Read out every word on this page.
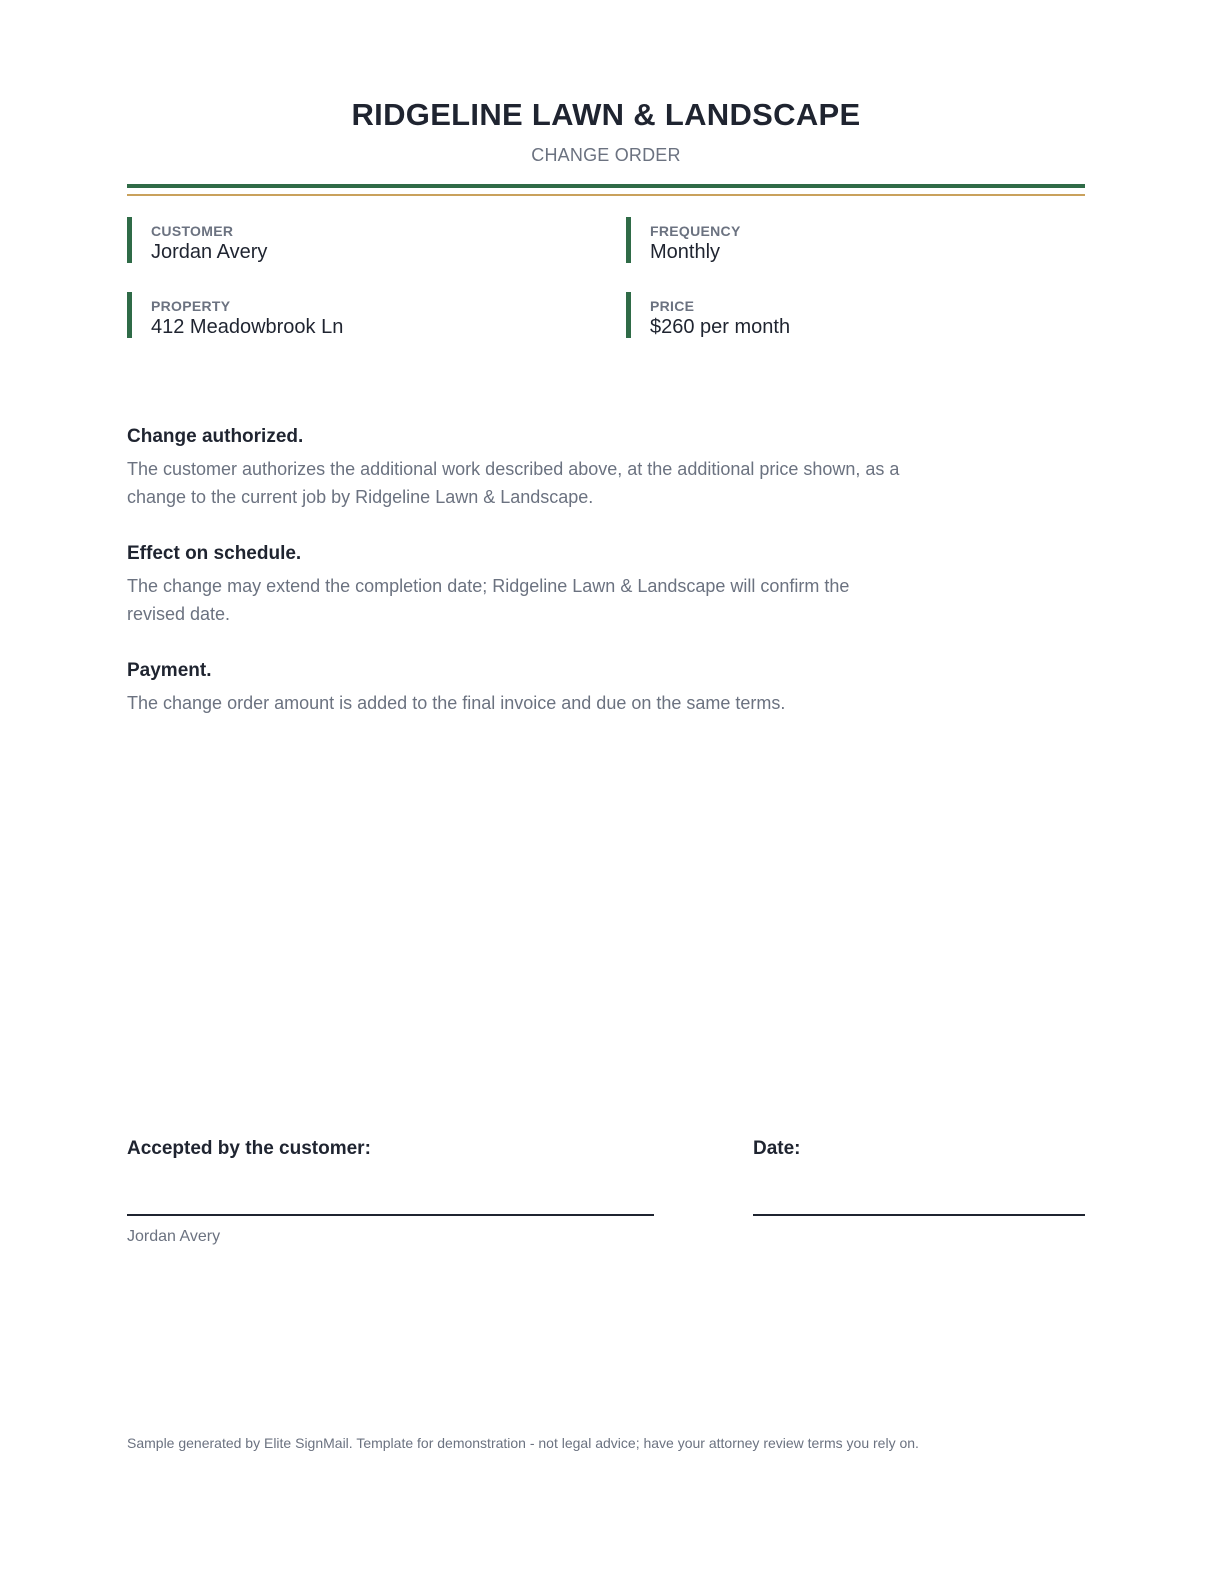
RIDGELINE LAWN & LANDSCAPE
CHANGE ORDER
CUSTOMER
Jordan Avery
FREQUENCY
Monthly
PROPERTY
412 Meadowbrook Ln
PRICE
$260 per month
Change authorized.
The customer authorizes the additional work described above, at the additional price shown, as a change to the current job by Ridgeline Lawn & Landscape.
Effect on schedule.
The change may extend the completion date; Ridgeline Lawn & Landscape will confirm the revised date.
Payment.
The change order amount is added to the final invoice and due on the same terms.
Accepted by the customer:	Date:
Jordan Avery
Sample generated by Elite SignMail. Template for demonstration - not legal advice; have your attorney review terms you rely on.
